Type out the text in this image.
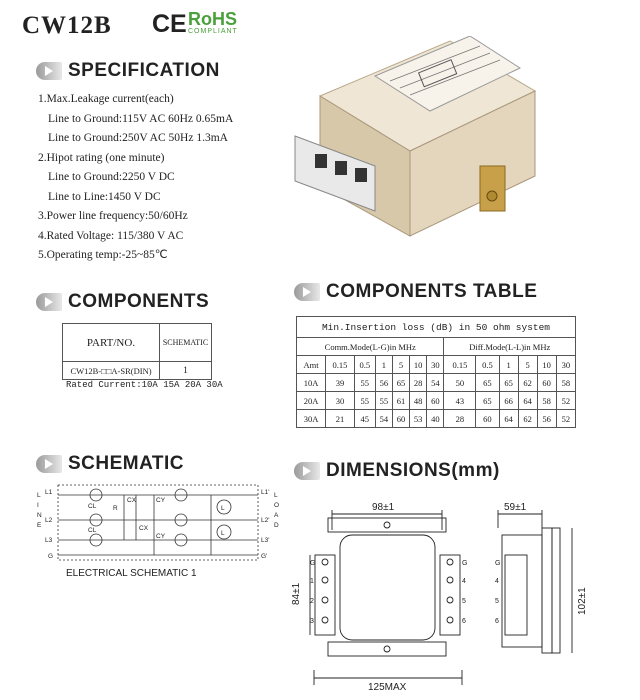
CW12B CE RoHS
COMPLIANT
SPECIFICATION
1.Max.Leakage current(each)
Line to Ground:115V AC 60Hz 0.65mA
Line to Ground:250V AC 50Hz 1.3mA
2.Hipot rating (one minute)
Line to Ground:2250 V DC
Line to Line:1450 V DC
3.Power line frequency:50/60Hz
4.Rated Voltage: 115/380 V AC
5.Operating temp:-25~85℃
COMPONENTS
PART/NO.	SCHEMATIC
CW12B-□□A-SR(DIN)	1
Rated Current:10A 15A 20A 30A
COMPONENTS TABLE
Min.Insertion loss (dB) in 50 ohm system												
Comm.Mode(L-G)in MHz							Diff.Mode(L-L)in MHz					
Amt	0.15	0.5	1	5	10	30	0.15	0.5	1	5	10	30
10A	39	55	56	65	28	54	50	65	65	62	60	58
20A	30	55	55	61	48	60	43	65	66	64	58	52
30A	21	45	54	60	53	40	28	60	64	62	56	52
SCHEMATIC
L
I
N
E
L1
L2
L3
G
L1'
L2'
L3'
G'
L
O
A
D
CL
CL
R
CX
CX
CY
CY
L
L
ELECTRICAL SCHEMATIC 1
DIMENSIONS(mm)
98±1
84±1
125MAX
59±1
102±1
G
1
2
3
G
4
5
6
G
4
5
6
